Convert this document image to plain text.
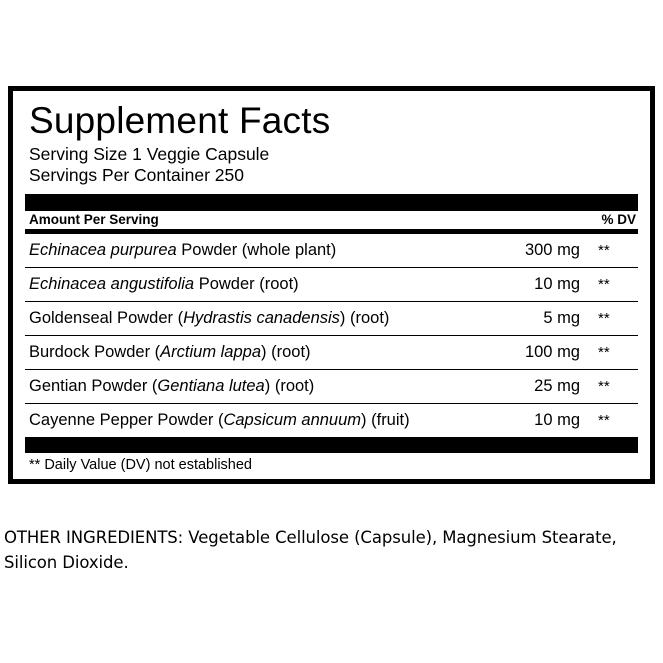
Supplement Facts
Serving Size 1 Veggie Capsule
Servings Per Container 250
Amount Per Serving	% DV
Echinacea purpurea Powder (whole plant)	300 mg	**
Echinacea angustifolia Powder (root)	10 mg	**
Goldenseal Powder (Hydrastis canadensis) (root)	5 mg	**
Burdock Powder (Arctium lappa) (root)	100 mg	**
Gentian Powder (Gentiana lutea) (root)	25 mg	**
Cayenne Pepper Powder (Capsicum annuum) (fruit)	10 mg	**
** Daily Value (DV) not established
OTHER INGREDIENTS: Vegetable Cellulose (Capsule), Magnesium Stearate, Silicon Dioxide.
